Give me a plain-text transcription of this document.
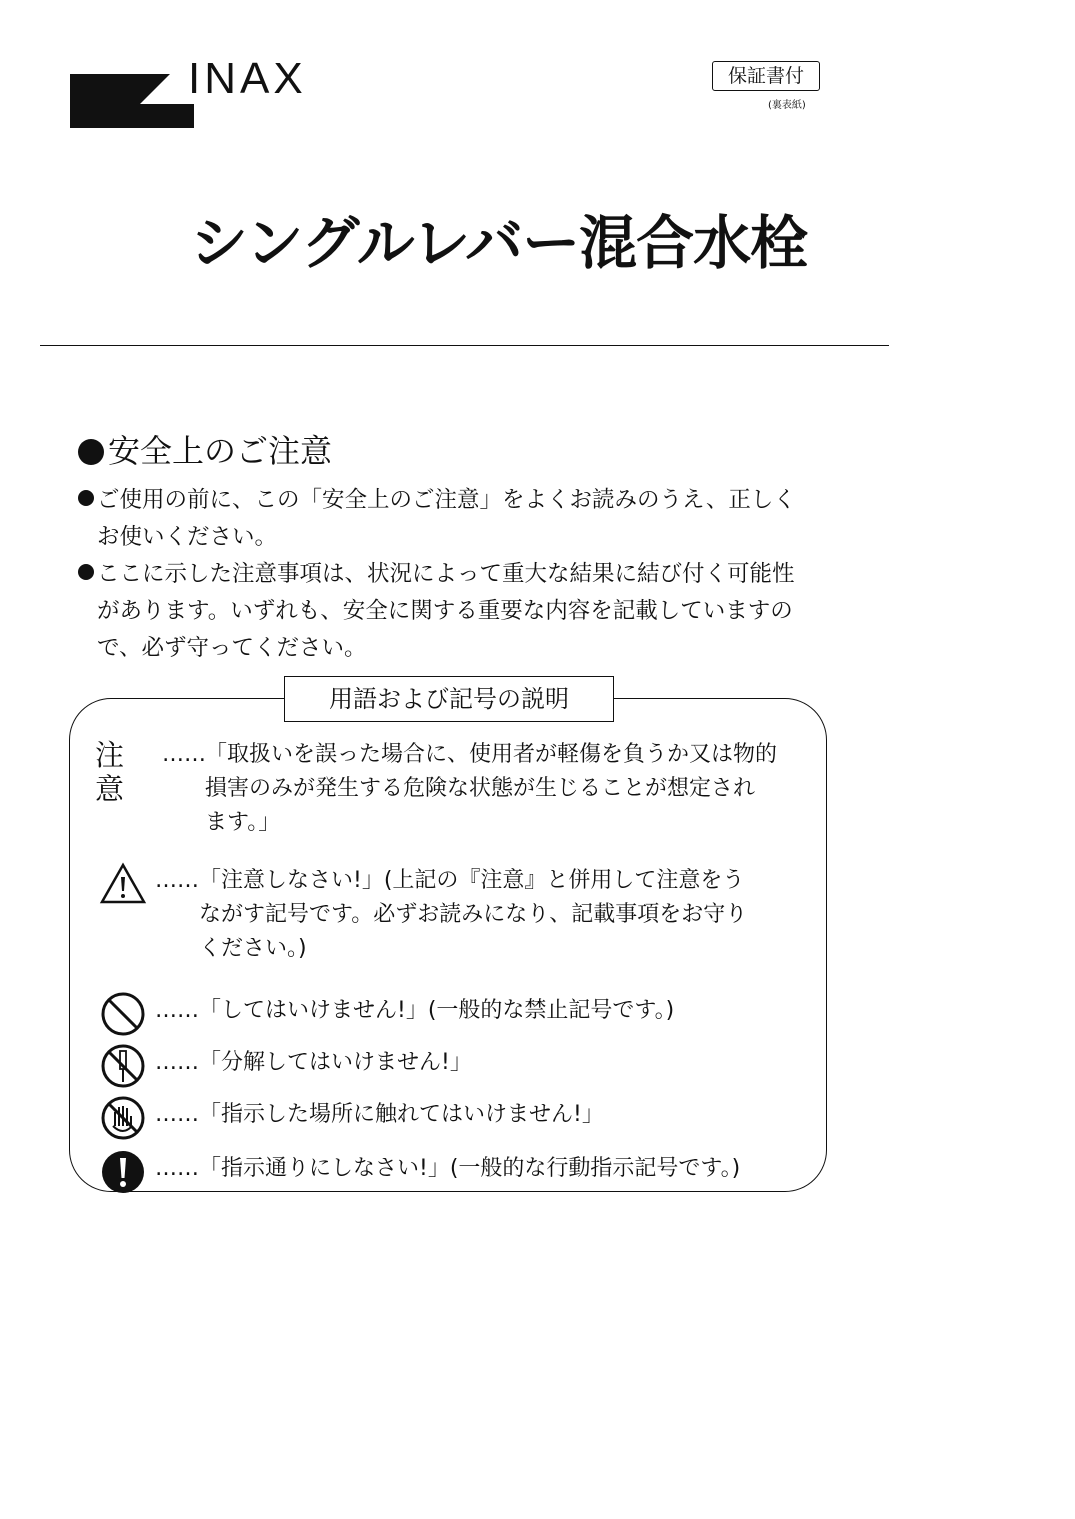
INAX	保証書付
(裏表紙)
シングルレバー混合水栓
安全上のご注意
ご使用の前に、この「安全上のご注意」をよくお読みのうえ、正しく
お使いください。
ここに示した注意事項は、状況によって重大な結果に結び付く可能性
があります。いずれも、安全に関する重要な内容を記載していますの
で、必ず守ってください。
用語および記号の説明
注意
…… 「取扱いを誤った場合に、使用者が軽傷を負うか又は物的
損害のみが発生する危険な状態が生じることが想定され
ます。」
…… 「注意しなさい!」(上記の『注意』と併用して注意をう
ながす記号です。必ずお読みになり、記載事項をお守り
ください。)
…… 「してはいけません!」(一般的な禁止記号です。)
…… 「分解してはいけません!」
…… 「指示した場所に触れてはいけません!」
…… 「指示通りにしなさい!」(一般的な行動指示記号です。)
